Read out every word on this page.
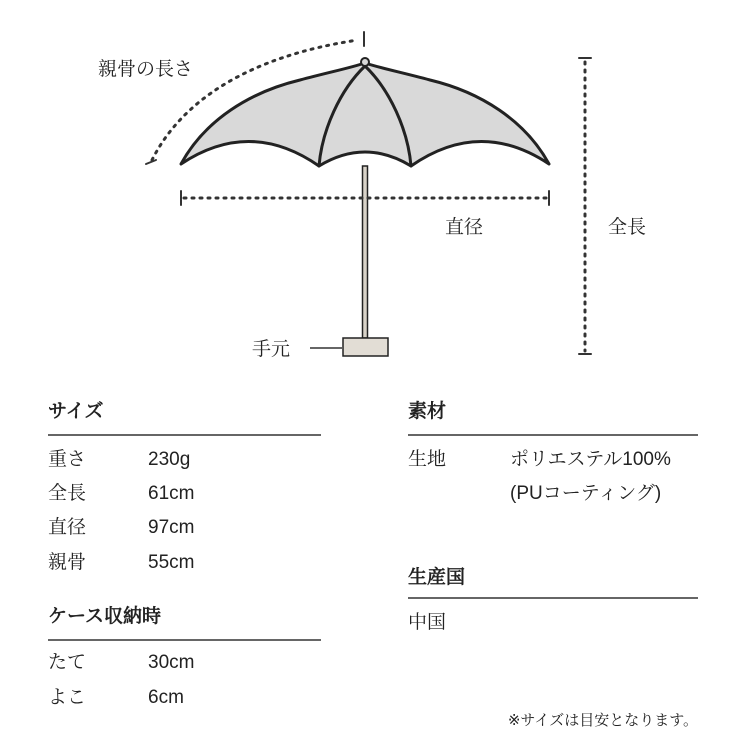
親骨の長さ
直径	全長
手元
サイズ
重さ	230g
全長	61cm
直径	97cm
親骨	55cm
ケース収納時
たて	30cm
よこ	6cm
素材
生地	ポリエステル100%
(PUコーティング)
生産国
中国
※サイズは目安となります。
